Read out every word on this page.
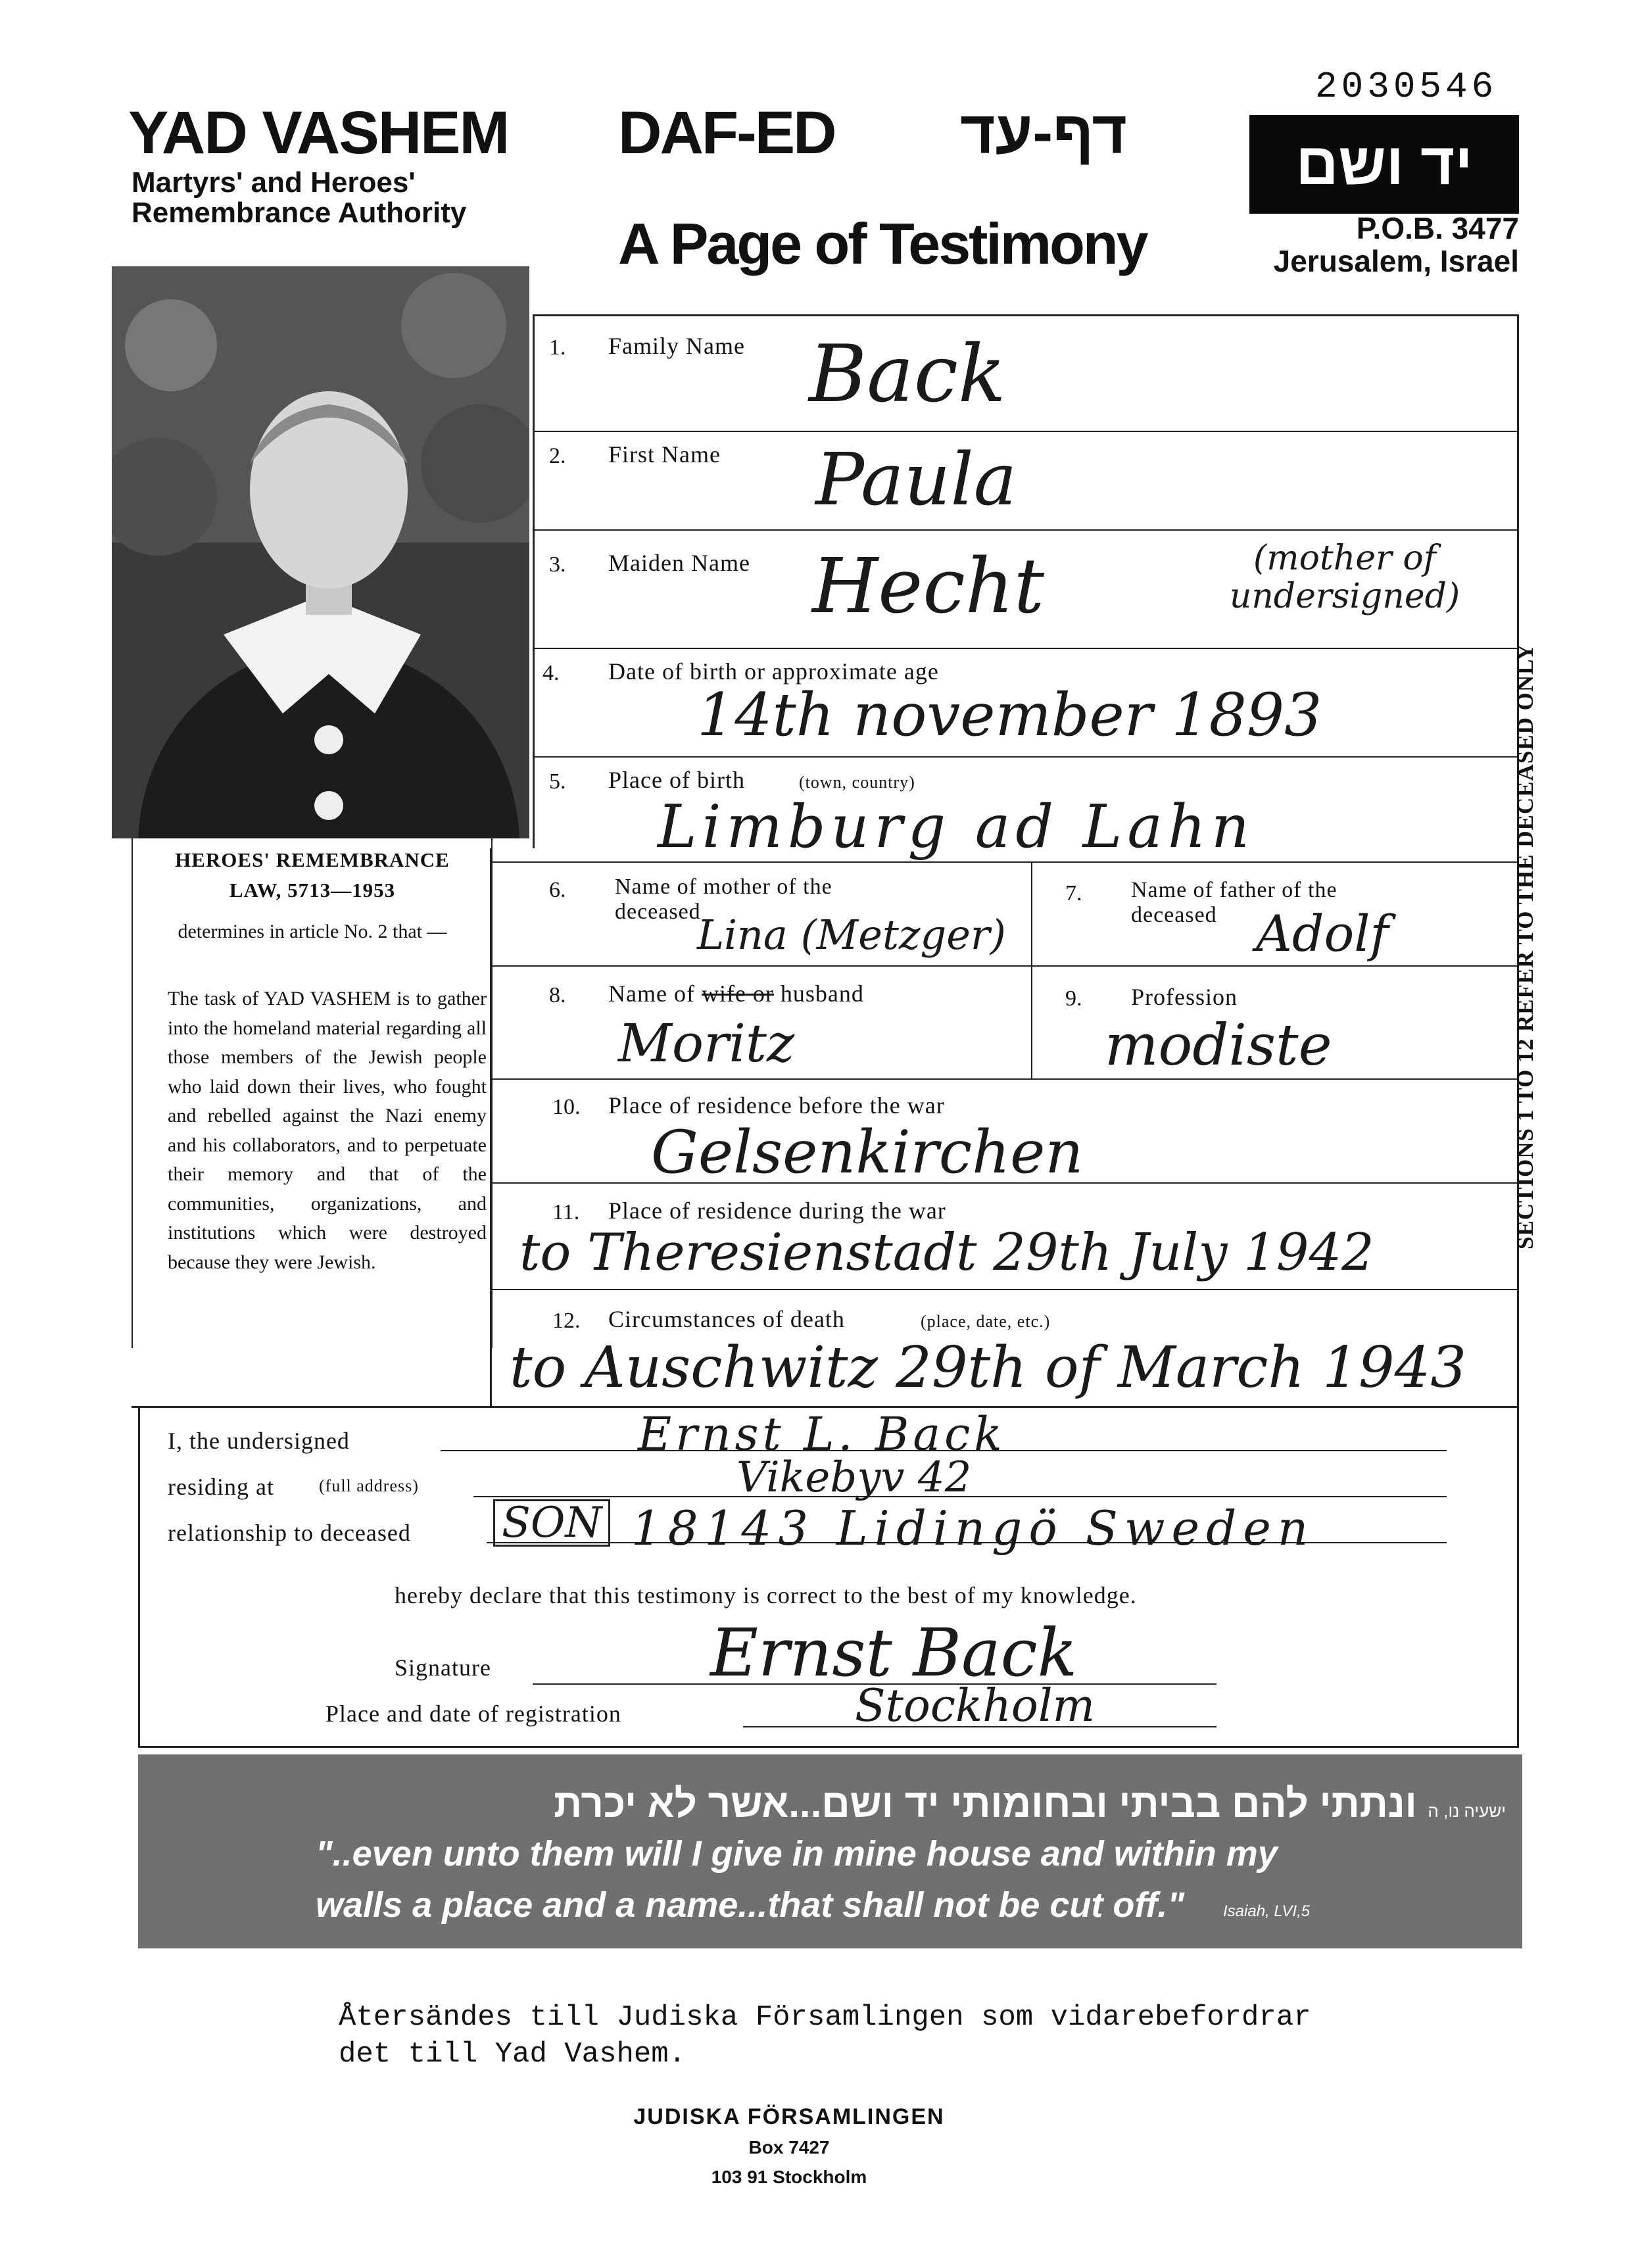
YAD VASHEM
Martyrs' and Heroes' Remembrance Authority
DAF-ED דף-עד
A Page of Testimony
2030546
יד ושם
P.O.B. 3477
Jerusalem, Israel
HEROES' REMEMBRANCE
LAW, 5713—1953
determines in article No. 2 that —
The task of YAD VASHEM is to gather into the homeland material regarding all those members of the Jewish people who laid down their lives, who fought and rebelled against the Nazi enemy and his collaborators, and to perpetuate their memory and that of the communities, organizations, and institutions which were destroyed because they were Jewish.
1. Family Name Back
2. First Name Paula
3. Maiden Name Hecht	(mother of undersigned)
4. Date of birth or approximate age
14th november 1893
5. Place of birth	(town, country)
Limburg ad Lahn
6. Name of mother of the
deceased
Lina (Metzger)
7. Name of father of the
deceased Adolf
8. Name of wife or husband
Moritz
9. Profession
modiste
10. Place of residence before the war
Gelsenkirchen
11. Place of residence during the war
to Theresienstadt 29th July 1942
12. Circumstances of death	(place, date, etc.)
to Auschwitz 29th of March 1943
I, the undersigned	Ernst L. Back
residing at	(full address)	Vikebyv 42
relationship to deceased SON 18143 Lidingö Sweden
hereby declare that this testimony is correct to the best of my knowledge.
Signature	Ernst Back
Place and date of registration	Stockholm
SECTIONS 1 TO 12 REFER TO THE DECEASED ONLY
ישעיה נו, ה ונתתי להם בביתי ובחומותי יד ושם...אשר לא יכרת
"..even unto them will I give in mine house and within my
walls a place and a name...that shall not be cut off." Isaiah, LVI,5
Återsändes till Judiska Församlingen som vidarebefordrar
det till Yad Vashem.
JUDISKA FÖRSAMLINGEN
Box 7427
103 91 Stockholm
